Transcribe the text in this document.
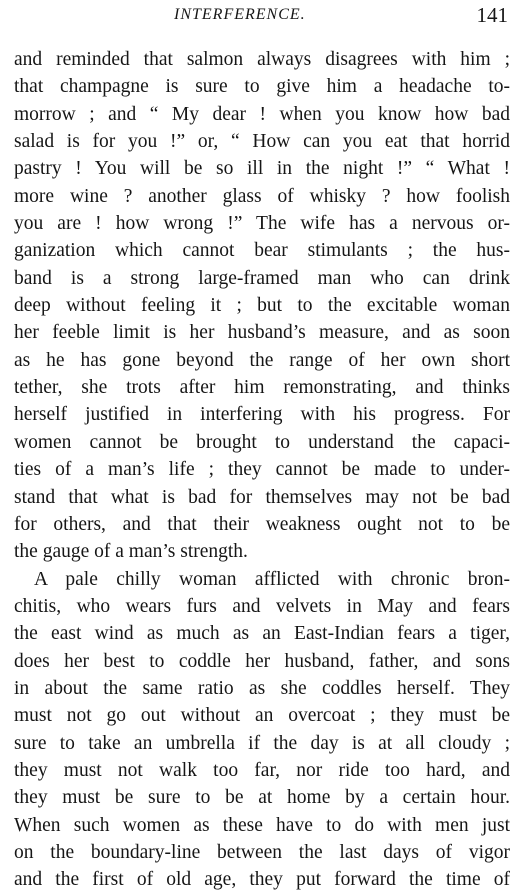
INTERFERENCE.	141
and reminded that salmon always disagrees with him ;
that champagne is sure to give him a headache to-
morrow ; and “ My dear ! when you know how bad
salad is for you !” or, “ How can you eat that horrid
pastry ! You will be so ill in the night !” “ What !
more wine ? another glass of whisky ? how foolish
you are ! how wrong !” The wife has a nervous or-
ganization which cannot bear stimulants ; the hus-
band is a strong large-framed man who can drink
deep without feeling it ; but to the excitable woman
her feeble limit is her husband’s measure, and as soon
as he has gone beyond the range of her own short
tether, she trots after him remonstrating, and thinks
herself justified in interfering with his progress. For
women cannot be brought to understand the capaci-
ties of a man’s life ; they cannot be made to under-
stand that what is bad for themselves may not be bad
for others, and that their weakness ought not to be
the gauge of a man’s strength.
A pale chilly woman afflicted with chronic bron-
chitis, who wears furs and velvets in May and fears
the east wind as much as an East-Indian fears a tiger,
does her best to coddle her husband, father, and sons
in about the same ratio as she coddles herself. They
must not go out without an overcoat ; they must be
sure to take an umbrella if the day is at all cloudy ;
they must not walk too far, nor ride too hard, and
they must be sure to be at home by a certain hour.
When such women as these have to do with men just
on the boundary-line between the last days of vigor
and the first of old age, they put forward the time of
